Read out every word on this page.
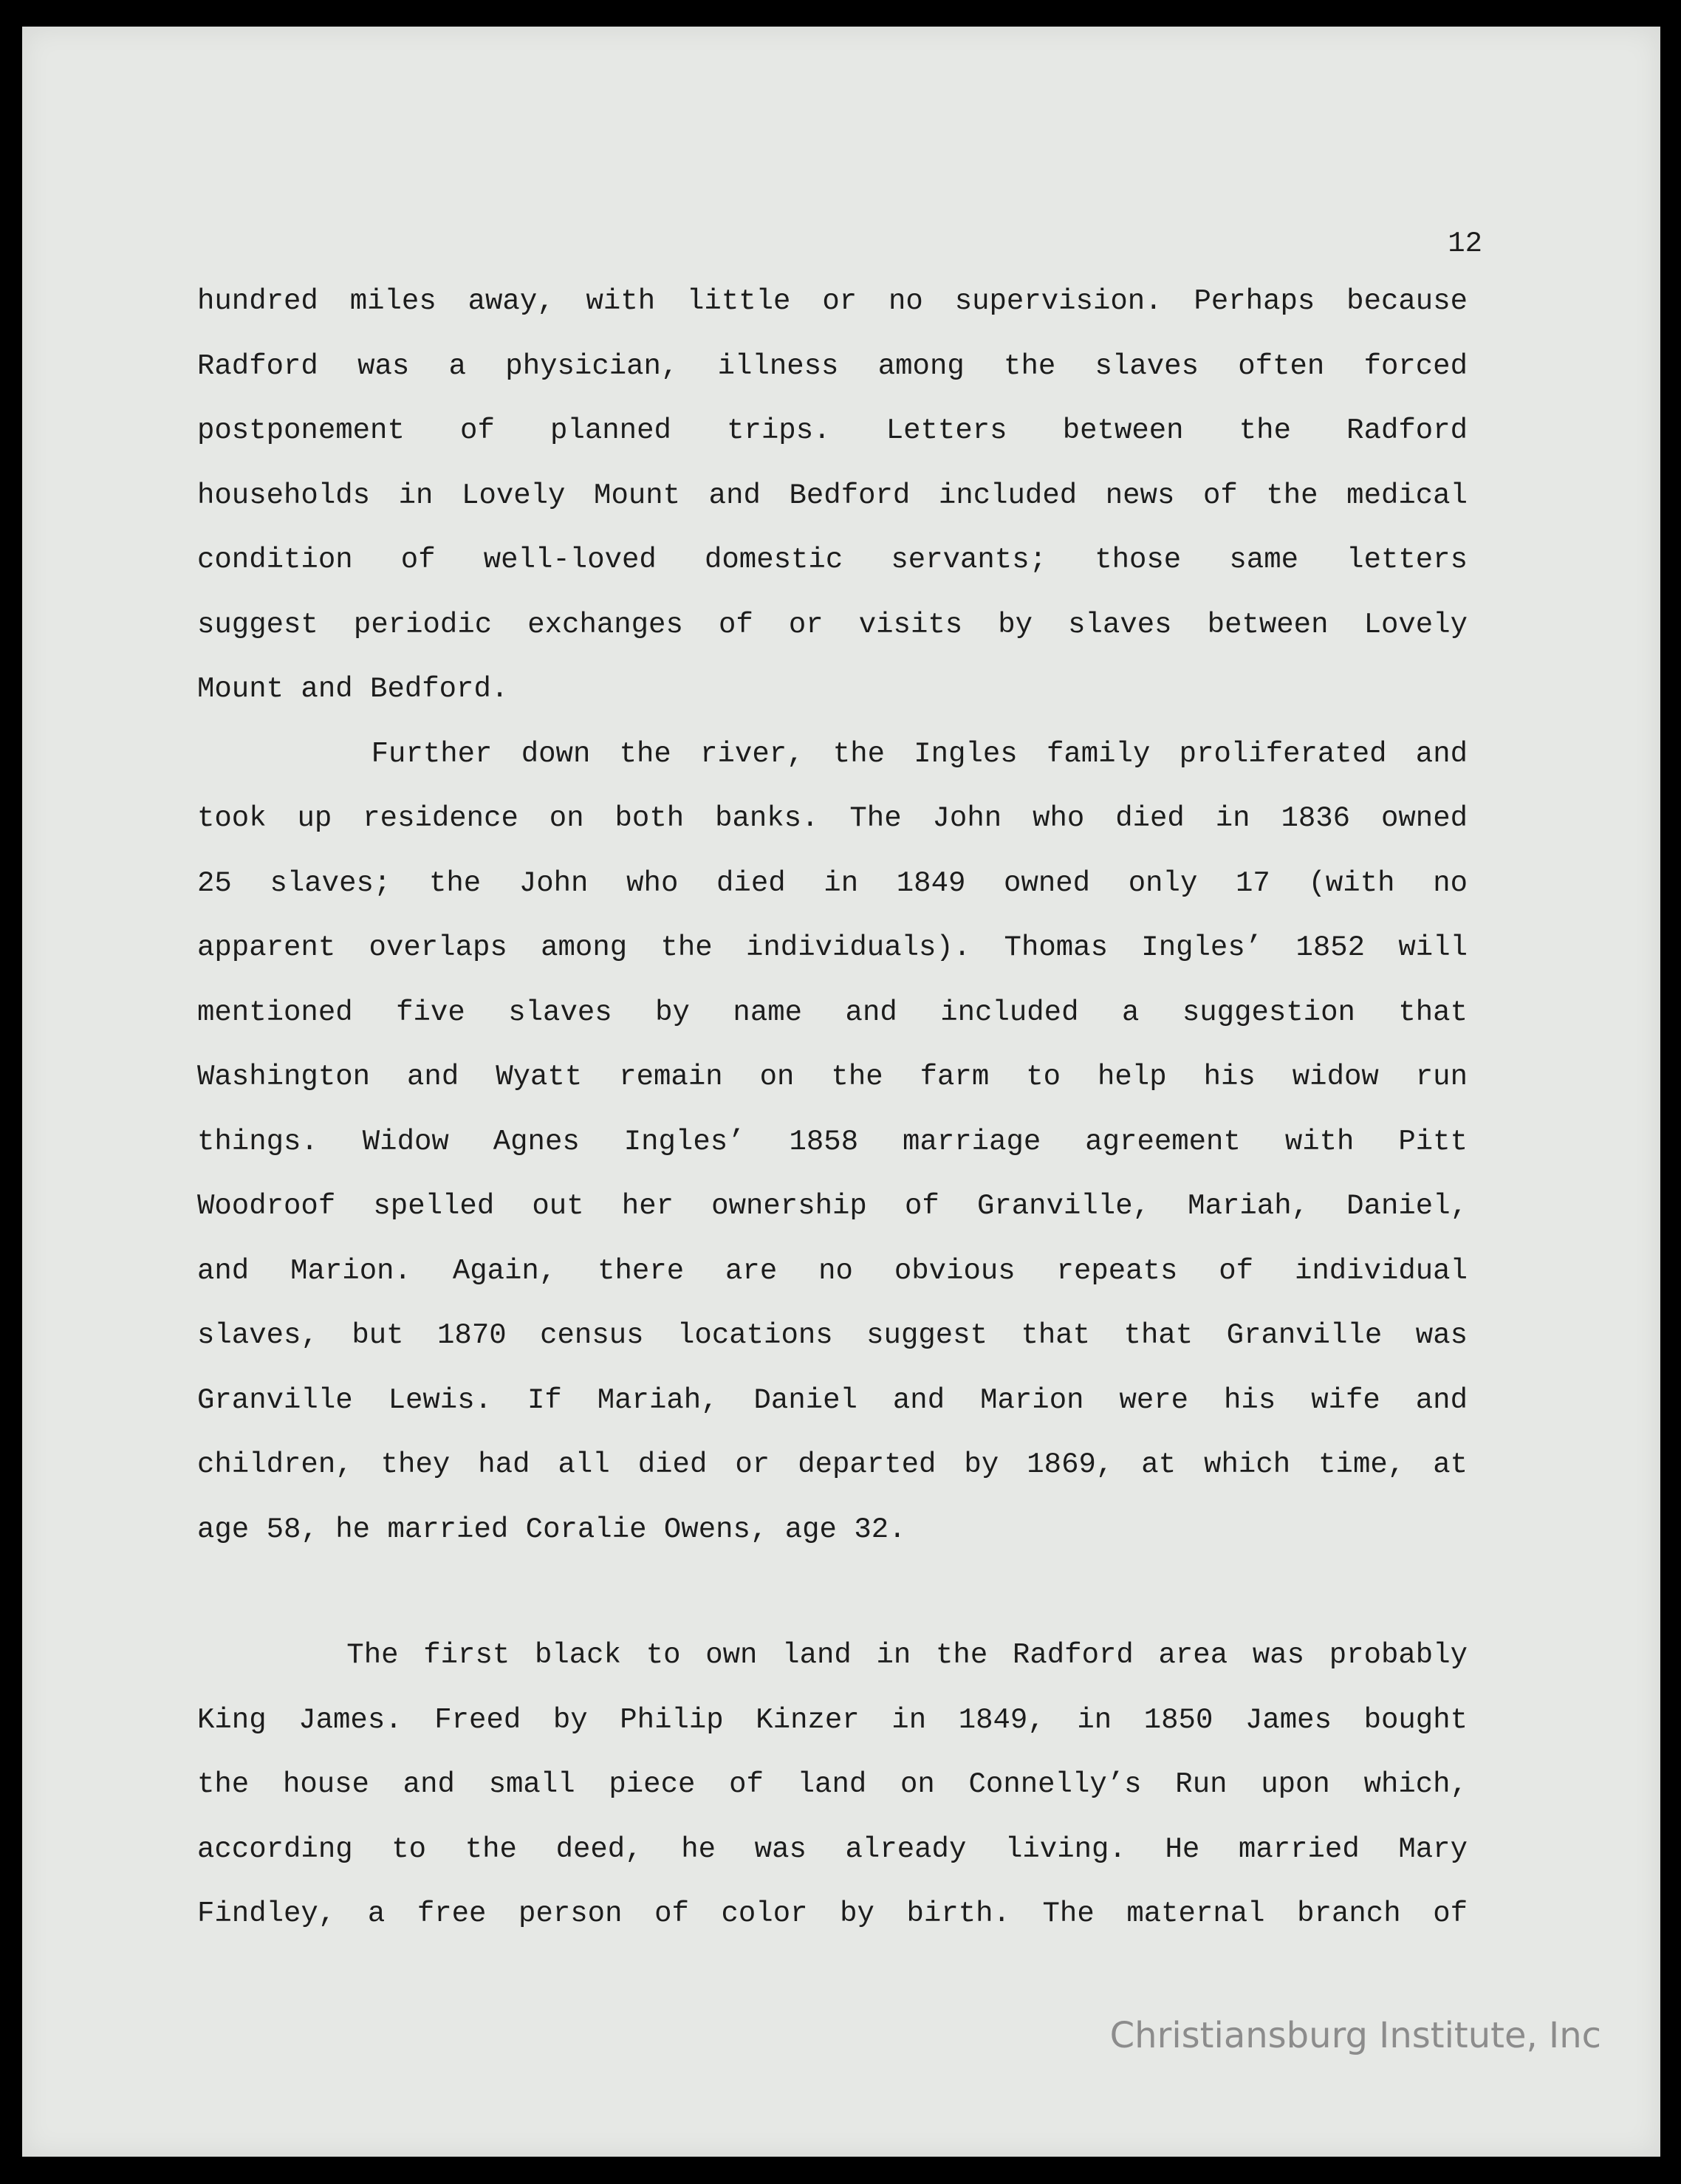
12
hundred miles away, with little or no supervision. Perhaps because
Radford was a physician, illness among the slaves often forced
postponement of planned trips. Letters between the Radford
households in Lovely Mount and Bedford included news of the medical
condition of well-loved domestic servants; those same letters
suggest periodic exchanges of or visits by slaves between Lovely
Mount and Bedford.
Further down the river, the Ingles family proliferated and
took up residence on both banks. The John who died in 1836 owned
25 slaves; the John who died in 1849 owned only 17 (with no
apparent overlaps among the individuals). Thomas Ingles’ 1852 will
mentioned five slaves by name and included a suggestion that
Washington and Wyatt remain on the farm to help his widow run
things. Widow Agnes Ingles’ 1858 marriage agreement with Pitt
Woodroof spelled out her ownership of Granville, Mariah, Daniel,
and Marion. Again, there are no obvious repeats of individual
slaves, but 1870 census locations suggest that that Granville was
Granville Lewis. If Mariah, Daniel and Marion were his wife and
children, they had all died or departed by 1869, at which time, at
age 58, he married Coralie Owens, age 32.
The first black to own land in the Radford area was probably
King James. Freed by Philip Kinzer in 1849, in 1850 James bought
the house and small piece of land on Connelly’s Run upon which,
according to the deed, he was already living. He married Mary
Findley, a free person of color by birth. The maternal branch of
Christiansburg Institute, Inc
